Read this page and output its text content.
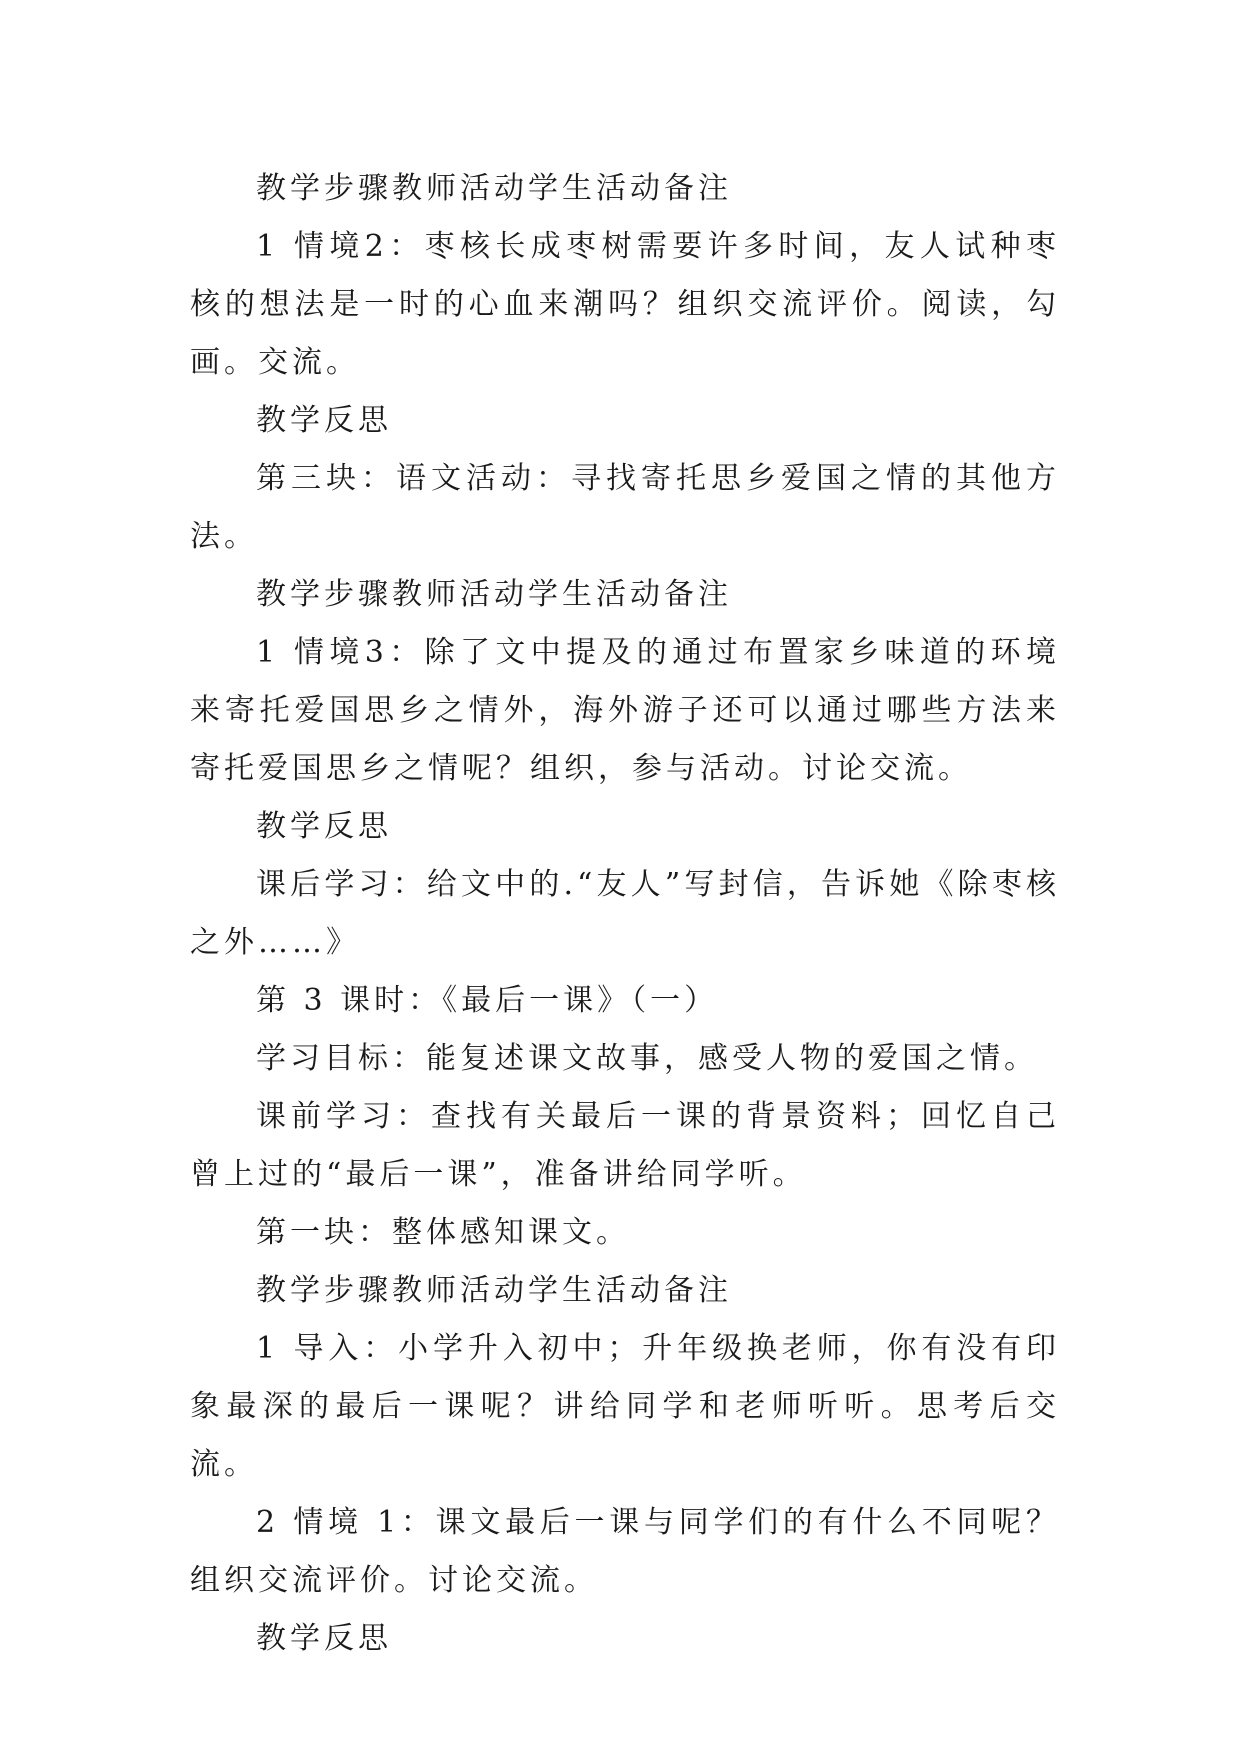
教学步骤教师活动学生活动备注

1 情境2：枣核长成枣树需要许多时间，友人试种枣核的想法是一时的心血来潮吗？组织交流评价。阅读，勾画。交流。

教学反思

第三块：语文活动：寻找寄托思乡爱国之情的其他方法。

教学步骤教师活动学生活动备注

1 情境3：除了文中提及的通过布置家乡味道的环境来寄托爱国思乡之情外，海外游子还可以通过哪些方法来寄托爱国思乡之情呢？组织，参与活动。讨论交流。

教学反思

课后学习：给文中的.“友人”写封信，告诉她《除枣核之外……》

第 3 课时：《最后一课》（一）

学习目标：能复述课文故事，感受人物的爱国之情。

课前学习：查找有关最后一课的背景资料；回忆自己曾上过的“最后一课”，准备讲给同学听。

第一块：整体感知课文。

教学步骤教师活动学生活动备注

1 导入：小学升入初中；升年级换老师，你有没有印象最深的最后一课呢？讲给同学和老师听听。思考后交流。

2 情境 1：课文最后一课与同学们的有什么不同呢？组织交流评价。讨论交流。

教学反思
